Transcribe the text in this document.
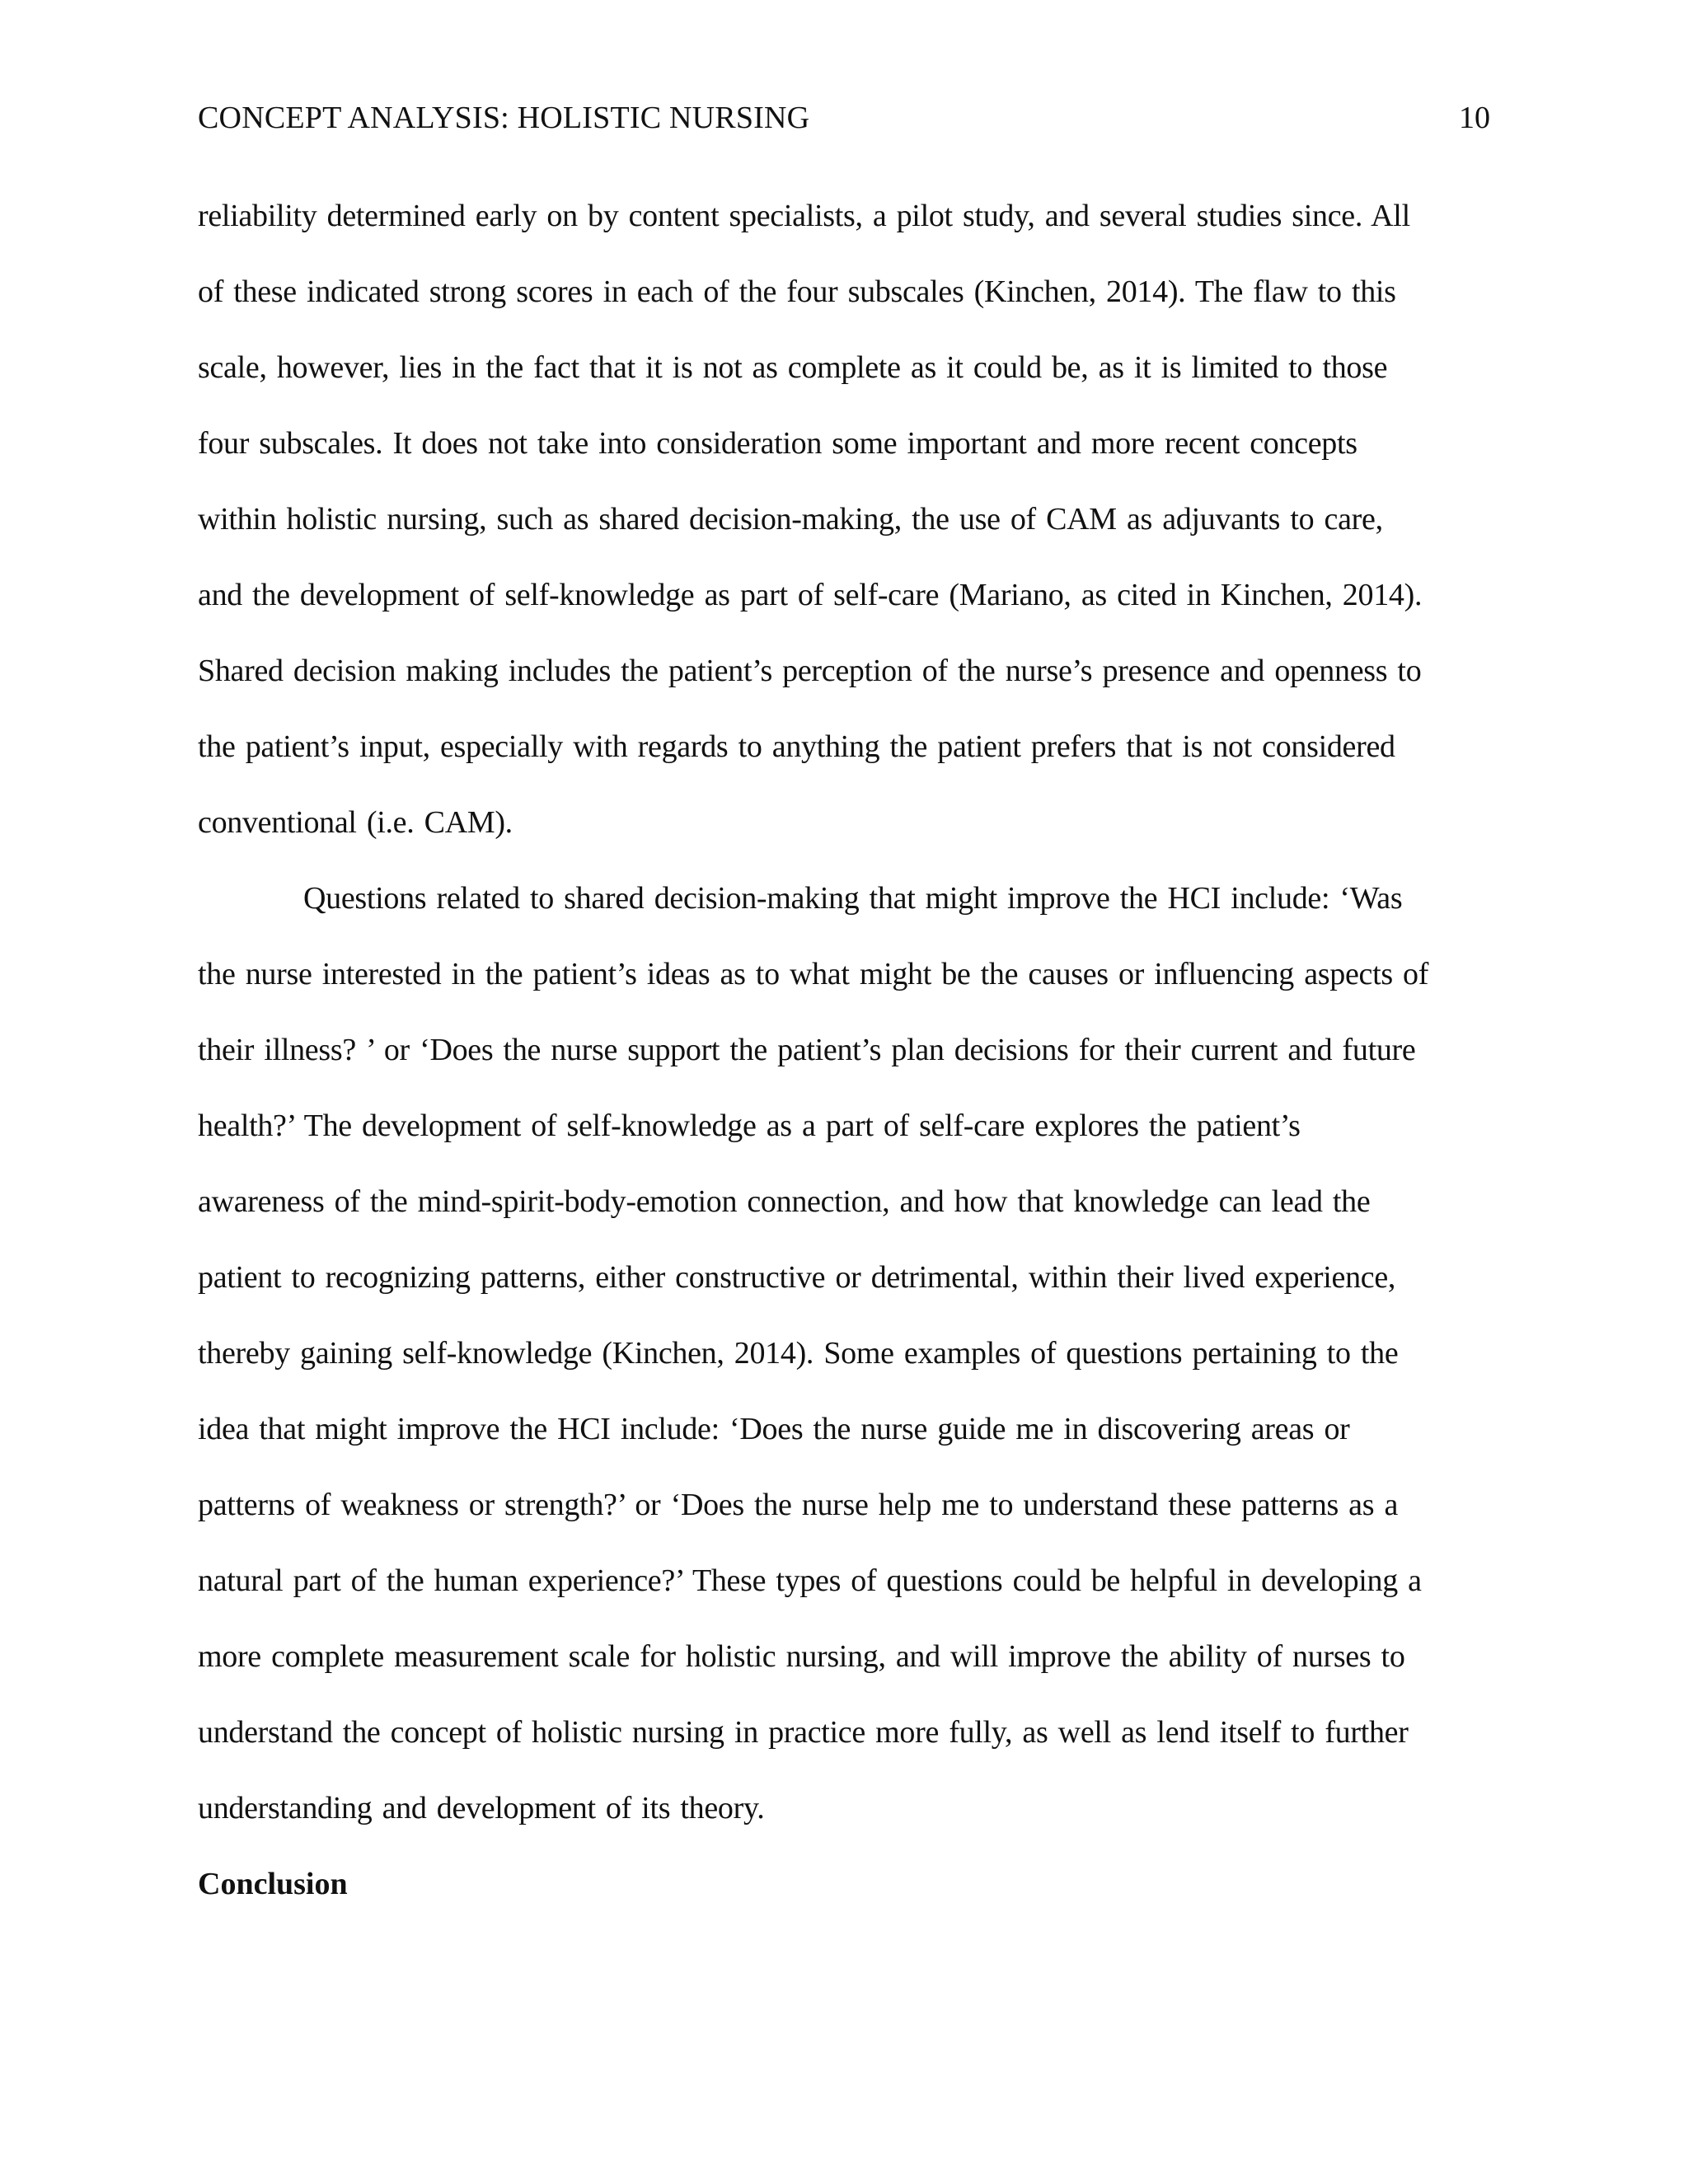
CONCEPT ANALYSIS: HOLISTIC NURSING	10
reliability determined early on by content specialists, a pilot study, and several studies since. All
of these indicated strong scores in each of the four subscales (Kinchen, 2014). The flaw to this
scale, however, lies in the fact that it is not as complete as it could be, as it is limited to those
four subscales. It does not take into consideration some important and more recent concepts
within holistic nursing, such as shared decision-making, the use of CAM as adjuvants to care,
and the development of self-knowledge as part of self-care (Mariano, as cited in Kinchen, 2014).
Shared decision making includes the patient’s perception of the nurse’s presence and openness to
the patient’s input, especially with regards to anything the patient prefers that is not considered
conventional (i.e. CAM).
Questions related to shared decision-making that might improve the HCI include: ‘Was
the nurse interested in the patient’s ideas as to what might be the causes or influencing aspects of
their illness? ’ or ‘Does the nurse support the patient’s plan decisions for their current and future
health?’ The development of self-knowledge as a part of self-care explores the patient’s
awareness of the mind-spirit-body-emotion connection, and how that knowledge can lead the
patient to recognizing patterns, either constructive or detrimental, within their lived experience,
thereby gaining self-knowledge (Kinchen, 2014). Some examples of questions pertaining to the
idea that might improve the HCI include: ‘Does the nurse guide me in discovering areas or
patterns of weakness or strength?’ or ‘Does the nurse help me to understand these patterns as a
natural part of the human experience?’ These types of questions could be helpful in developing a
more complete measurement scale for holistic nursing, and will improve the ability of nurses to
understand the concept of holistic nursing in practice more fully, as well as lend itself to further
understanding and development of its theory.
Conclusion
